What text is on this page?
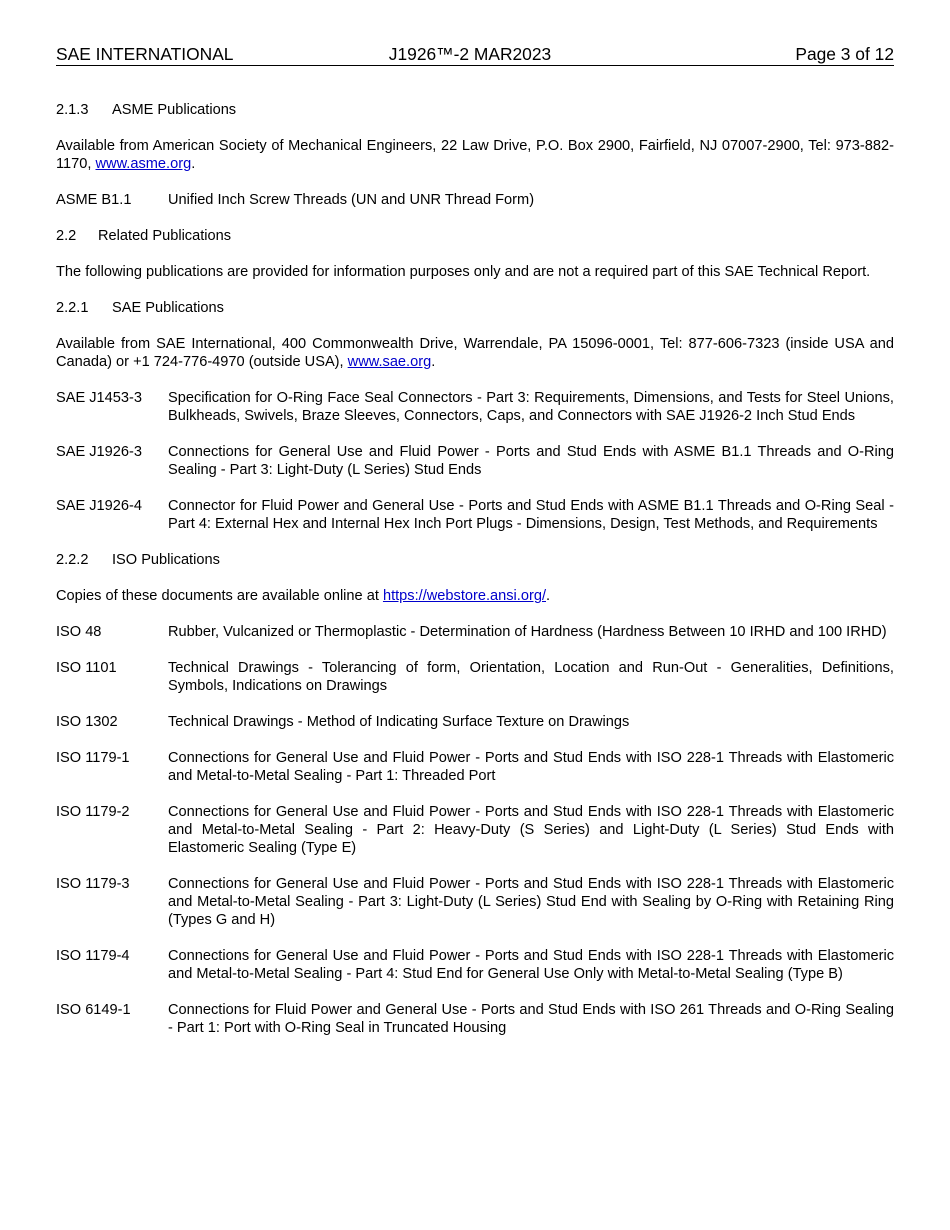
SAE INTERNATIONAL	J1926™-2 MAR2023	Page 3 of 12
2.1.3 ASME Publications
Available from American Society of Mechanical Engineers, 22 Law Drive, P.O. Box 2900, Fairfield, NJ 07007-2900, Tel: 973-882-1170, www.asme.org.
ASME B1.1	Unified Inch Screw Threads (UN and UNR Thread Form)
2.2 Related Publications
The following publications are provided for information purposes only and are not a required part of this SAE Technical Report.
2.2.1 SAE Publications
Available from SAE International, 400 Commonwealth Drive, Warrendale, PA 15096-0001, Tel: 877-606-7323 (inside USA and Canada) or +1 724-776-4970 (outside USA), www.sae.org.
SAE J1453-3	Specification for O-Ring Face Seal Connectors - Part 3: Requirements, Dimensions, and Tests for Steel Unions, Bulkheads, Swivels, Braze Sleeves, Connectors, Caps, and Connectors with SAE J1926-2 Inch Stud Ends
SAE J1926-3	Connections for General Use and Fluid Power - Ports and Stud Ends with ASME B1.1 Threads and O-Ring Sealing - Part 3: Light-Duty (L Series) Stud Ends
SAE J1926-4	Connector for Fluid Power and General Use - Ports and Stud Ends with ASME B1.1 Threads and O-Ring Seal - Part 4: External Hex and Internal Hex Inch Port Plugs - Dimensions, Design, Test Methods, and Requirements
2.2.2 ISO Publications
Copies of these documents are available online at https://webstore.ansi.org/.
ISO 48	Rubber, Vulcanized or Thermoplastic - Determination of Hardness (Hardness Between 10 IRHD and 100 IRHD)
ISO 1101	Technical Drawings - Tolerancing of form, Orientation, Location and Run-Out - Generalities, Definitions, Symbols, Indications on Drawings
ISO 1302	Technical Drawings - Method of Indicating Surface Texture on Drawings
ISO 1179-1	Connections for General Use and Fluid Power - Ports and Stud Ends with ISO 228-1 Threads with Elastomeric and Metal-to-Metal Sealing - Part 1: Threaded Port
ISO 1179-2	Connections for General Use and Fluid Power - Ports and Stud Ends with ISO 228-1 Threads with Elastomeric and Metal-to-Metal Sealing - Part 2: Heavy-Duty (S Series) and Light-Duty (L Series) Stud Ends with Elastomeric Sealing (Type E)
ISO 1179-3	Connections for General Use and Fluid Power - Ports and Stud Ends with ISO 228-1 Threads with Elastomeric and Metal-to-Metal Sealing - Part 3: Light-Duty (L Series) Stud End with Sealing by O-Ring with Retaining Ring (Types G and H)
ISO 1179-4	Connections for General Use and Fluid Power - Ports and Stud Ends with ISO 228-1 Threads with Elastomeric and Metal-to-Metal Sealing - Part 4: Stud End for General Use Only with Metal-to-Metal Sealing (Type B)
ISO 6149-1	Connections for Fluid Power and General Use - Ports and Stud Ends with ISO 261 Threads and O-Ring Sealing - Part 1: Port with O-Ring Seal in Truncated Housing
